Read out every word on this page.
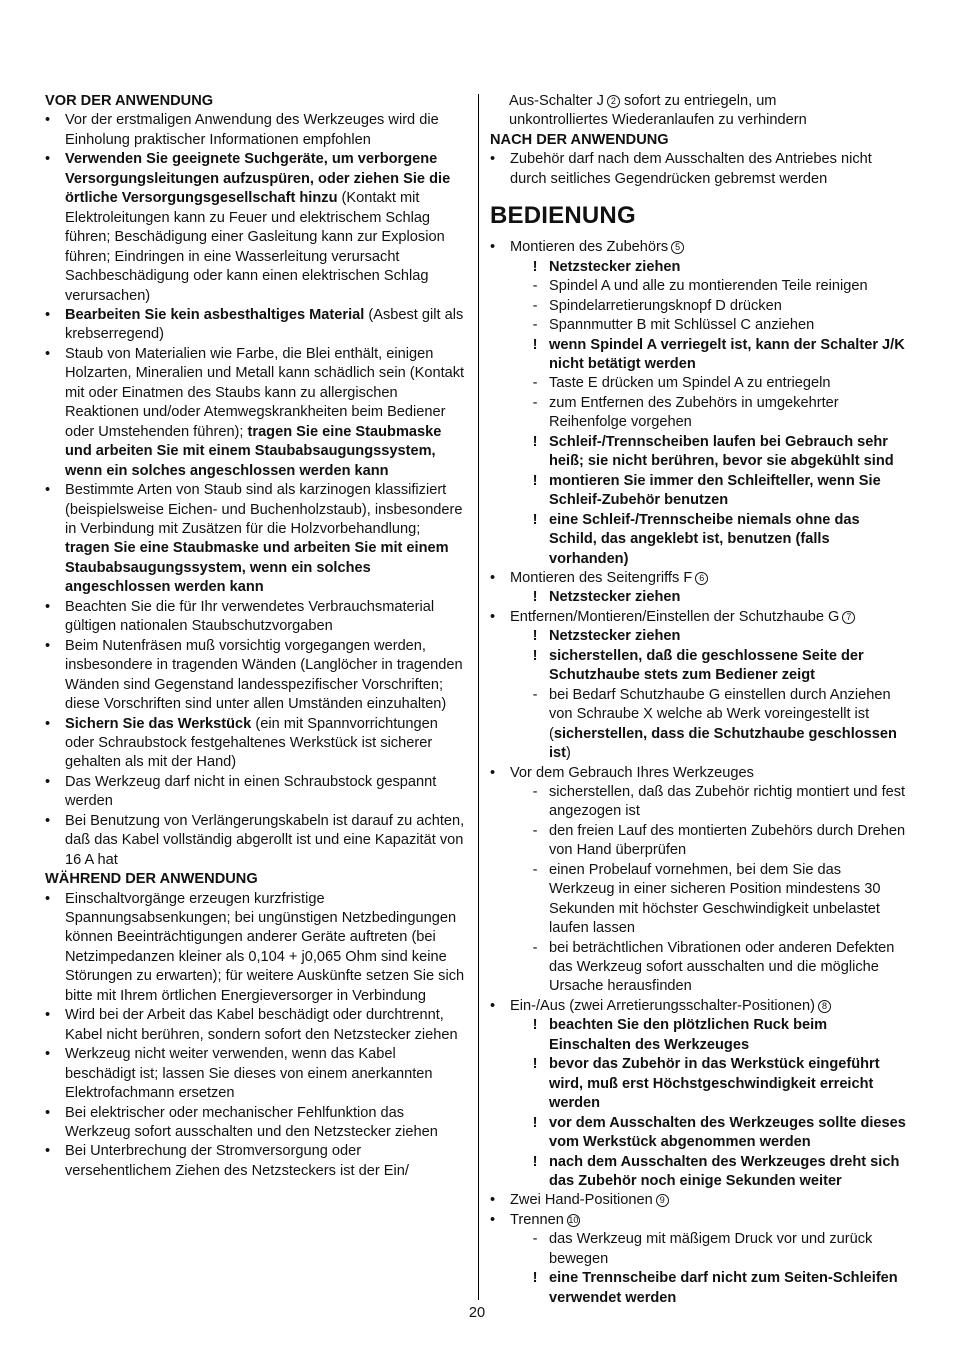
VOR DER ANWENDUNG
• Vor der erstmaligen Anwendung des Werkzeuges wird die Einholung praktischer Informationen empfohlen
• Verwenden Sie geeignete Suchgeräte, um verborgene Versorgungsleitungen aufzuspüren, oder ziehen Sie die örtliche Versorgungsgesellschaft hinzu (Kontakt mit Elektroleitungen kann zu Feuer und elektrischem Schlag führen; Beschädigung einer Gasleitung kann zur Explosion führen; Eindringen in eine Wasserleitung verursacht Sachbeschädigung oder kann einen elektrischen Schlag verursachen)
• Bearbeiten Sie kein asbesthaltiges Material (Asbest gilt als krebserregend)
• Staub von Materialien wie Farbe, die Blei enthält, einigen Holzarten, Mineralien und Metall kann schädlich sein (Kontakt mit oder Einatmen des Staubs kann zu allergischen Reaktionen und/oder Atemwegskrankheiten beim Bediener oder Umstehenden führen); tragen Sie eine Staubmaske und arbeiten Sie mit einem Staubabsaugungssystem, wenn ein solches angeschlossen werden kann
• Bestimmte Arten von Staub sind als karzinogen klassifiziert (beispielsweise Eichen- und Buchenholzstaub), insbesondere in Verbindung mit Zusätzen für die Holzvorbehandlung; tragen Sie eine Staubmaske und arbeiten Sie mit einem Staubabsaugungssystem, wenn ein solches angeschlossen werden kann
• Beachten Sie die für Ihr verwendetes Verbrauchsmaterial gültigen nationalen Staubschutzvorgaben
• Beim Nutenfräsen muß vorsichtig vorgegangen werden, insbesondere in tragenden Wänden (Langlöcher in tragenden Wänden sind Gegenstand landesspezifischer Vorschriften; diese Vorschriften sind unter allen Umständen einzuhalten)
• Sichern Sie das Werkstück (ein mit Spannvorrichtungen oder Schraubstock festgehaltenes Werkstück ist sicherer gehalten als mit der Hand)
• Das Werkzeug darf nicht in einen Schraubstock gespannt werden
• Bei Benutzung von Verlängerungskabeln ist darauf zu achten, daß das Kabel vollständig abgerollt ist und eine Kapazität von 16 A hat
WÄHREND DER ANWENDUNG
• Einschaltvorgänge erzeugen kurzfristige Spannungsabsenkungen; bei ungünstigen Netzbedingungen können Beeinträchtigungen anderer Geräte auftreten (bei Netzimpedanzen kleiner als 0,104 + j0,065 Ohm sind keine Störungen zu erwarten); für weitere Auskünfte setzen Sie sich bitte mit Ihrem örtlichen Energieversorger in Verbindung
• Wird bei der Arbeit das Kabel beschädigt oder durchtrennt, Kabel nicht berühren, sondern sofort den Netzstecker ziehen
• Werkzeug nicht weiter verwenden, wenn das Kabel beschädigt ist; lassen Sie dieses von einem anerkannten Elektrofachmann ersetzen
• Bei elektrischer oder mechanischer Fehlfunktion das Werkzeug sofort ausschalten und den Netzstecker ziehen
• Bei Unterbrechung der Stromversorgung oder versehentlichem Ziehen des Netzsteckers ist der Ein/
Aus-Schalter J 2 sofort zu entriegeln, um
unkontrolliertes Wiederanlaufen zu verhindern
NACH DER ANWENDUNG
• Zubehör darf nach dem Ausschalten des Antriebes nicht durch seitliches Gegendrücken gebremst werden
BEDIENUNG
• Montieren des Zubehörs 5
! Netzstecker ziehen
- Spindel A und alle zu montierenden Teile reinigen
- Spindelarretierungsknopf D drücken
- Spannmutter B mit Schlüssel C anziehen
! wenn Spindel A verriegelt ist, kann der Schalter J/K nicht betätigt werden
- Taste E drücken um Spindel A zu entriegeln
- zum Entfernen des Zubehörs in umgekehrter Reihenfolge vorgehen
! Schleif-/Trennscheiben laufen bei Gebrauch sehr heiß; sie nicht berühren, bevor sie abgekühlt sind
! montieren Sie immer den Schleifteller, wenn Sie Schleif-Zubehör benutzen
! eine Schleif-/Trennscheibe niemals ohne das Schild, das angeklebt ist, benutzen (falls vorhanden)
• Montieren des Seitengriffs F 6
! Netzstecker ziehen
• Entfernen/Montieren/Einstellen der Schutzhaube G 7
! Netzstecker ziehen
! sicherstellen, daß die geschlossene Seite der Schutzhaube stets zum Bediener zeigt
- bei Bedarf Schutzhaube G einstellen durch Anziehen von Schraube X welche ab Werk voreingestellt ist (sicherstellen, dass die Schutzhaube geschlossen ist)
• Vor dem Gebrauch Ihres Werkzeuges
- sicherstellen, daß das Zubehör richtig montiert und fest angezogen ist
- den freien Lauf des montierten Zubehörs durch Drehen von Hand überprüfen
- einen Probelauf vornehmen, bei dem Sie das Werkzeug in einer sicheren Position mindestens 30 Sekunden mit höchster Geschwindigkeit unbelastet laufen lassen
- bei beträchtlichen Vibrationen oder anderen Defekten das Werkzeug sofort ausschalten und die mögliche Ursache herausfinden
• Ein-/Aus (zwei Arretierungsschalter-Positionen) 8
! beachten Sie den plötzlichen Ruck beim Einschalten des Werkzeuges
! bevor das Zubehör in das Werkstück eingeführt wird, muß erst Höchstgeschwindigkeit erreicht werden
! vor dem Ausschalten des Werkzeuges sollte dieses vom Werkstück abgenommen werden
! nach dem Ausschalten des Werkzeuges dreht sich das Zubehör noch einige Sekunden weiter
• Zwei Hand-Positionen 9
• Trennen 10
- das Werkzeug mit mäßigem Druck vor und zurück bewegen
! eine Trennscheibe darf nicht zum Seiten-Schleifen verwendet werden
20
